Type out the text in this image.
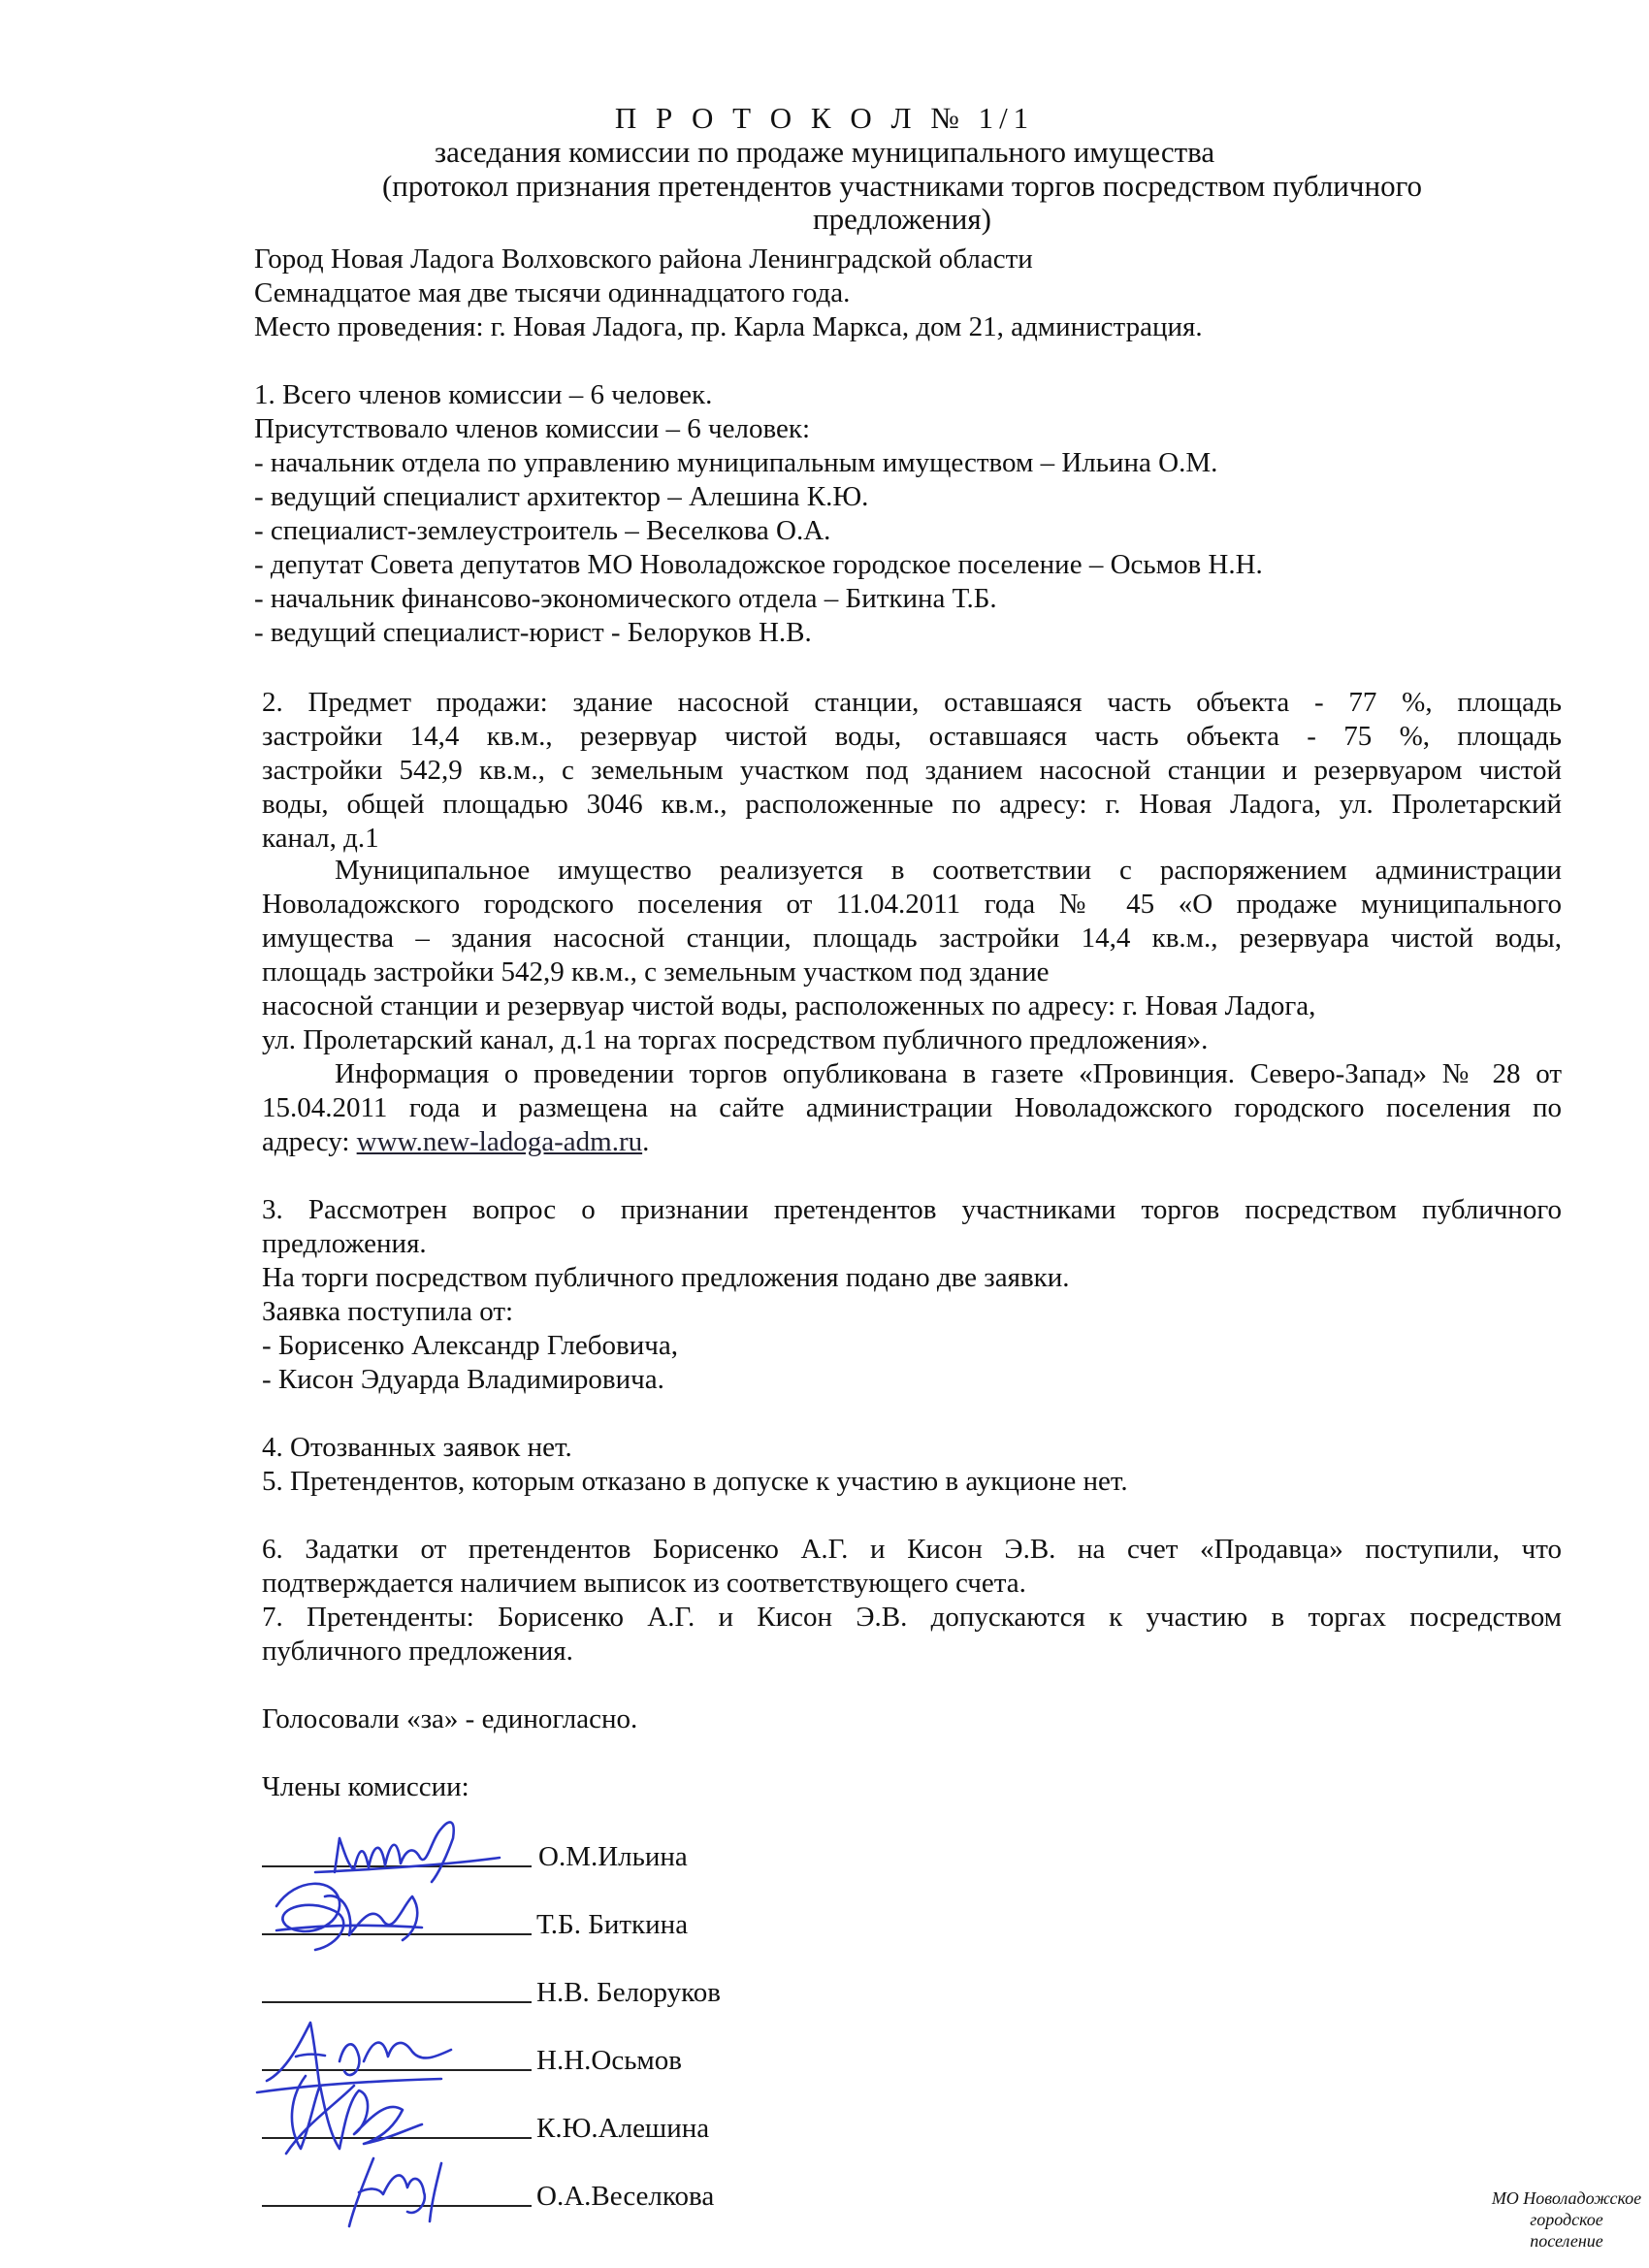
П Р О Т О К О Л № 1/1
заседания комиссии по продаже муниципального имущества
(протокол признания претендентов участниками торгов посредством публичного предложения)
Город Новая Ладога Волховского района Ленинградской области
Семнадцатое мая две тысячи одиннадцатого года.
Место проведения: г. Новая Ладога, пр. Карла Маркса, дом 21, администрация.
1. Всего членов комиссии – 6 человек.
Присутствовало членов комиссии – 6 человек:
- начальник отдела по управлению муниципальным имуществом – Ильина О.М.
- ведущий специалист архитектор – Алешина К.Ю.
- специалист-землеустроитель – Веселкова О.А.
- депутат Совета депутатов МО Новоладожское городское поселение – Осьмов Н.Н.
- начальник финансово-экономического отдела – Биткина Т.Б.
- ведущий специалист-юрист - Белоруков Н.В.
2. Предмет продажи: здание насосной станции, оставшаяся часть объекта - 77 %, площадь
застройки 14,4 кв.м., резервуар чистой воды, оставшаяся часть объекта - 75 %, площадь
застройки 542,9 кв.м., с земельным участком под зданием насосной станции и резервуаром чистой
воды, общей площадью 3046 кв.м., расположенные по адресу: г. Новая Ладога, ул. Пролетарский
канал, д.1
Муниципальное имущество реализуется в соответствии с распоряжением администрации
Новоладожского городского поселения от 11.04.2011 года № 45 «О продаже муниципального
имущества – здания насосной станции, площадь застройки 14,4 кв.м., резервуара чистой воды,
площадь застройки 542,9 кв.м., с земельным участком под здание
насосной станции и резервуар чистой воды, расположенных по адресу: г. Новая Ладога,
ул. Пролетарский канал, д.1 на торгах посредством публичного предложения».
Информация о проведении торгов опубликована в газете «Провинция. Северо-Запад» № 28 от
15.04.2011 года и размещена на сайте администрации Новоладожского городского поселения по
адресу: www.new-ladoga-adm.ru.
3. Рассмотрен вопрос о признании претендентов участниками торгов посредством публичного
предложения.
На торги посредством публичного предложения подано две заявки.
Заявка поступила от:
- Борисенко Александр Глебовича,
- Кисон Эдуарда Владимировича.
4. Отозванных заявок нет.
5. Претендентов, которым отказано в допуске к участию в аукционе нет.
6. Задатки от претендентов Борисенко А.Г. и Кисон Э.В. на счет «Продавца» поступили, что
подтверждается наличием выписок из соответствующего счета.
7. Претенденты: Борисенко А.Г. и Кисон Э.В. допускаются к участию в торгах посредством
публичного предложения.
Голосовали «за» - единогласно.
Члены комиссии:
О.М.Ильина
Т.Б. Биткина
Н.В. Белоруков
Н.Н.Осьмов
К.Ю.Алешина
О.А.Веселкова	МО Новоладожское
городское
поселение
